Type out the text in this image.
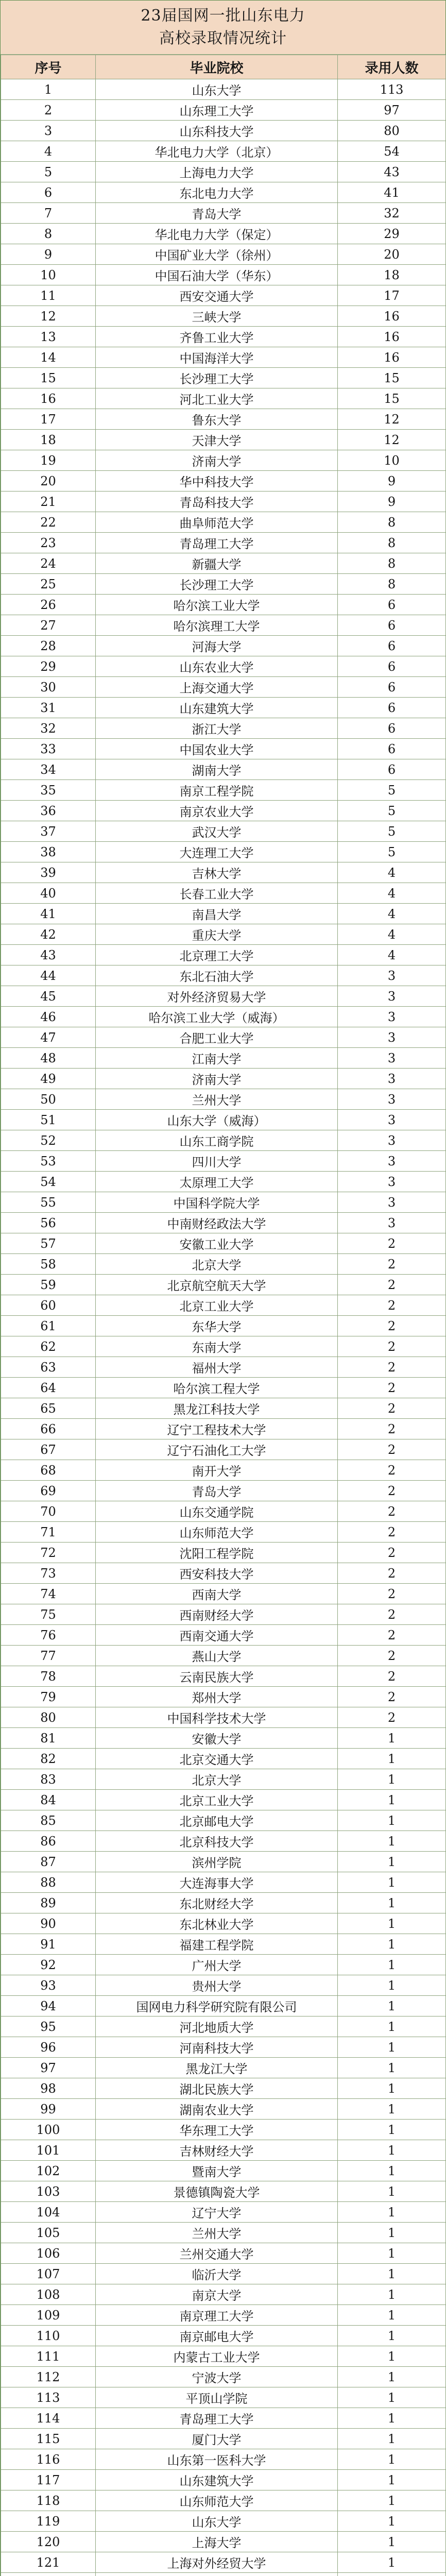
23届国网一批山东电力
高校录取情况统计
序号	毕业院校	录用人数
1	山东大学	113
2	山东理工大学	97
3	山东科技大学	80
4	华北电力大学（北京）	54
5	上海电力大学	43
6	东北电力大学	41
7	青岛大学	32
8	华北电力大学（保定）	29
9	中国矿业大学（徐州）	20
10	中国石油大学（华东）	18
11	西安交通大学	17
12	三峡大学	16
13	齐鲁工业大学	16
14	中国海洋大学	16
15	长沙理工大学	15
16	河北工业大学	15
17	鲁东大学	12
18	天津大学	12
19	济南大学	10
20	华中科技大学	9
21	青岛科技大学	9
22	曲阜师范大学	8
23	青岛理工大学	8
24	新疆大学	8
25	长沙理工大学	8
26	哈尔滨工业大学	6
27	哈尔滨理工大学	6
28	河海大学	6
29	山东农业大学	6
30	上海交通大学	6
31	山东建筑大学	6
32	浙江大学	6
33	中国农业大学	6
34	湖南大学	6
35	南京工程学院	5
36	南京农业大学	5
37	武汉大学	5
38	大连理工大学	5
39	吉林大学	4
40	长春工业大学	4
41	南昌大学	4
42	重庆大学	4
43	北京理工大学	4
44	东北石油大学	3
45	对外经济贸易大学	3
46	哈尔滨工业大学（威海）	3
47	合肥工业大学	3
48	江南大学	3
49	济南大学	3
50	兰州大学	3
51	山东大学（威海）	3
52	山东工商学院	3
53	四川大学	3
54	太原理工大学	3
55	中国科学院大学	3
56	中南财经政法大学	3
57	安徽工业大学	2
58	北京大学	2
59	北京航空航天大学	2
60	北京工业大学	2
61	东华大学	2
62	东南大学	2
63	福州大学	2
64	哈尔滨工程大学	2
65	黑龙江科技大学	2
66	辽宁工程技术大学	2
67	辽宁石油化工大学	2
68	南开大学	2
69	青岛大学	2
70	山东交通学院	2
71	山东师范大学	2
72	沈阳工程学院	2
73	西安科技大学	2
74	西南大学	2
75	西南财经大学	2
76	西南交通大学	2
77	燕山大学	2
78	云南民族大学	2
79	郑州大学	2
80	中国科学技术大学	2
81	安徽大学	1
82	北京交通大学	1
83	北京大学	1
84	北京工业大学	1
85	北京邮电大学	1
86	北京科技大学	1
87	滨州学院	1
88	大连海事大学	1
89	东北财经大学	1
90	东北林业大学	1
91	福建工程学院	1
92	广州大学	1
93	贵州大学	1
94	国网电力科学研究院有限公司	1
95	河北地质大学	1
96	河南科技大学	1
97	黑龙江大学	1
98	湖北民族大学	1
99	湖南农业大学	1
100	华东理工大学	1
101	吉林财经大学	1
102	暨南大学	1
103	景德镇陶瓷大学	1
104	辽宁大学	1
105	兰州大学	1
106	兰州交通大学	1
107	临沂大学	1
108	南京大学	1
109	南京理工大学	1
110	南京邮电大学	1
111	内蒙古工业大学	1
112	宁波大学	1
113	平顶山学院	1
114	青岛理工大学	1
115	厦门大学	1
116	山东第一医科大学	1
117	山东建筑大学	1
118	山东师范大学	1
119	山东大学	1
120	上海大学	1
121	上海对外经贸大学	1
